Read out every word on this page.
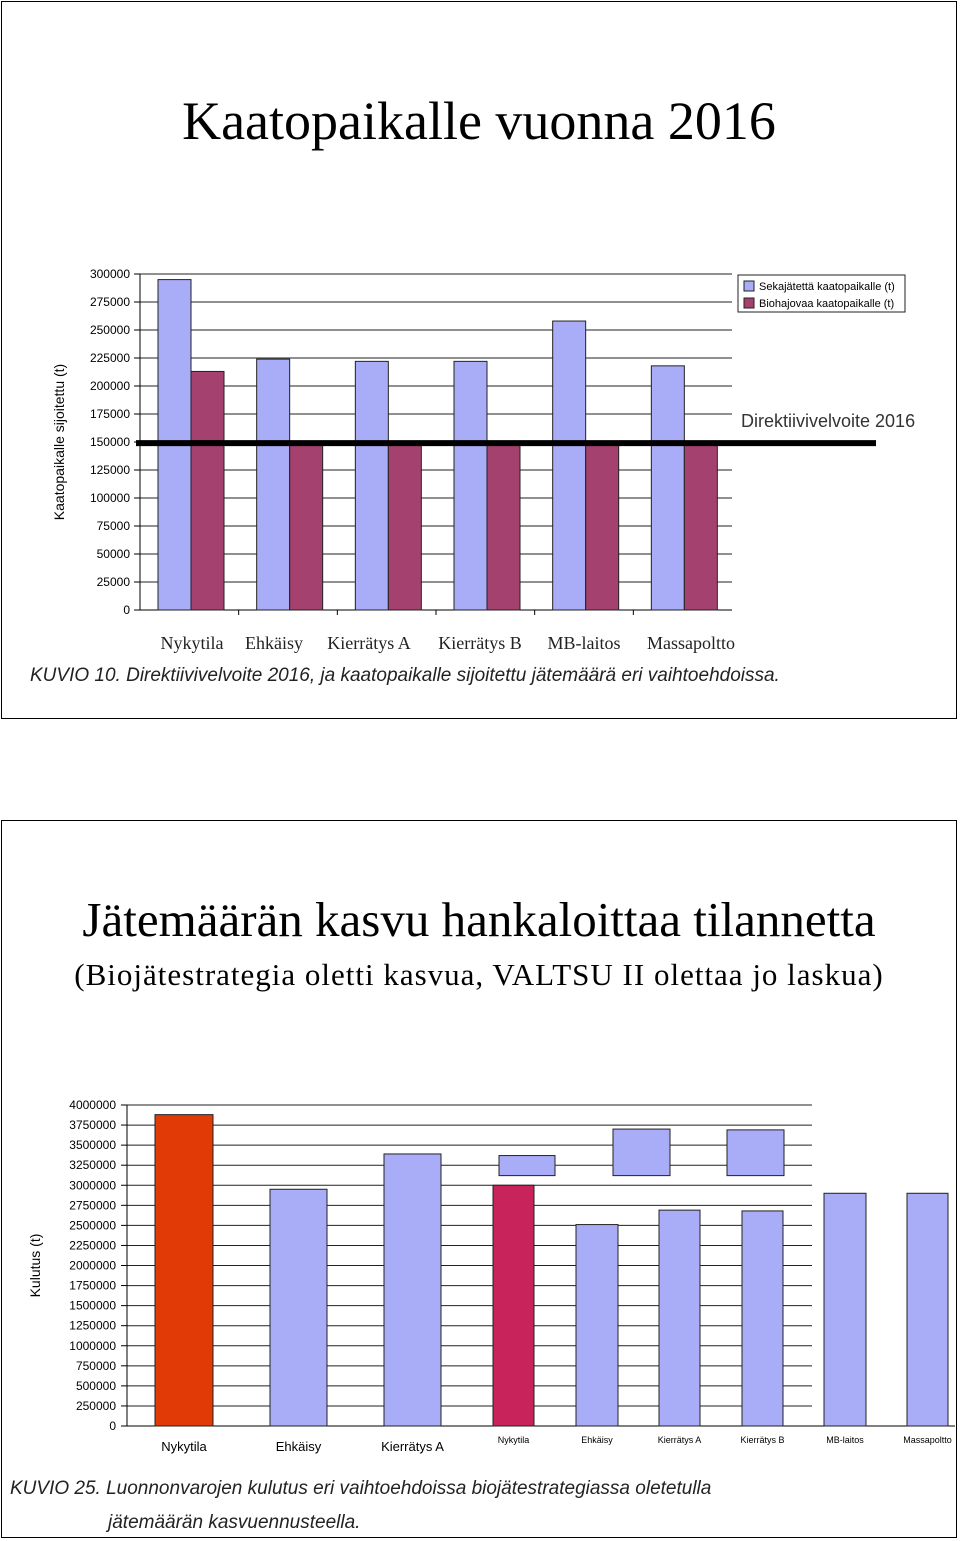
Kaatopaikalle vuonna 2016
0
25000
50000
75000
100000
125000
150000
175000
200000
225000
250000
275000
300000
Nykytila Ehkäisy Kierrätys A Kierrätys B MB-laitos Massapoltto
Direktiivivelvoite 2016
Kaatopaikalle sijoitettu (t)
Sekajätettä kaatopaikalle (t)
Biohajovaa kaatopaikalle (t)
KUVIO 10. Direktiivivelvoite 2016, ja kaatopaikalle sijoitettu jätemäärä eri vaihtoehdoissa.
Jätemäärän kasvu hankaloittaa tilannetta
(Biojätestrategia oletti kasvua, VALTSU II olettaa jo laskua)
0
250000
500000
750000
1000000
1250000
1500000
1750000
2000000
2250000
2500000
2750000
3000000
3250000
3500000
3750000
4000000
Kulutus (t)
Nykytila	Ehkäisy	Kierrätys A	Nykytila	Ehkäisy	Kierrätys A	Kierrätys B	MB-laitos	Massapoltto
KUVIO 25. Luonnonvarojen kulutus eri vaihtoehdoissa biojätestrategiassa oletetulla
jätemäärän kasvuennusteella.
